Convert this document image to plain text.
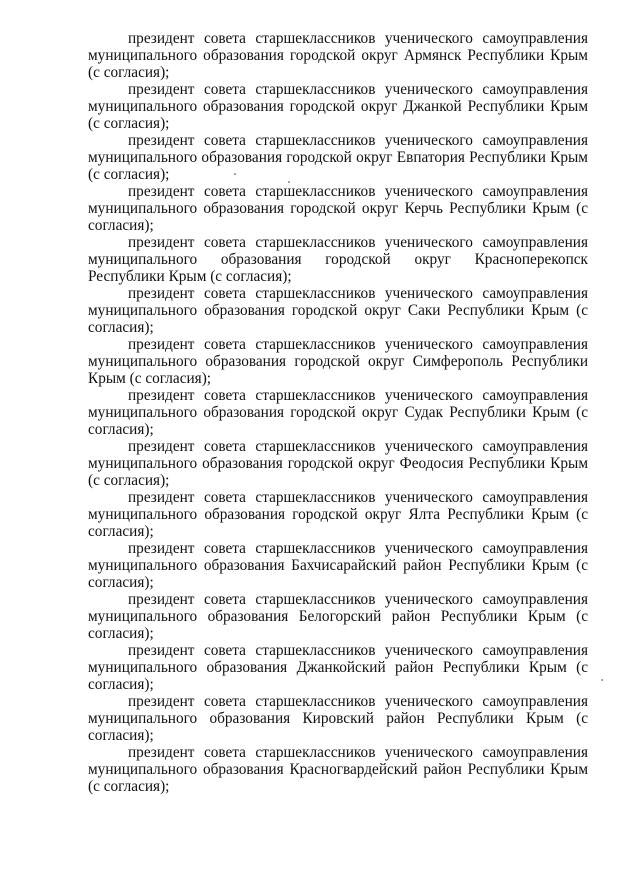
президент совета старшеклассников ученического самоуправления муниципального образования городской округ Армянск Республики Крым (с согласия);

президент совета старшеклассников ученического самоуправления муниципального образования городской округ Джанкой Республики Крым (с согласия);

президент совета старшеклассников ученического самоуправления муниципального образования городской округ Евпатория Республики Крым (с согласия);

президент совета старшеклассников ученического самоуправления муниципального образования городской округ Керчь Республики Крым (с согласия);

президент совета старшеклассников ученического самоуправления муниципального образования городской округ Красноперекопск Республики Крым (с согласия);

президент совета старшеклассников ученического самоуправления муниципального образования городской округ Саки Республики Крым (с согласия);

президент совета старшеклассников ученического самоуправления муниципального образования городской округ Симферополь Республики Крым (с согласия);

президент совета старшеклассников ученического самоуправления муниципального образования городской округ Судак Республики Крым (с согласия);

президент совета старшеклассников ученического самоуправления муниципального образования городской округ Феодосия Республики Крым (с согласия);

президент совета старшеклассников ученического самоуправления муниципального образования городской округ Ялта Республики Крым (с согласия);

президент совета старшеклассников ученического самоуправления муниципального образования Бахчисарайский район Республики Крым (с согласия);

президент совета старшеклассников ученического самоуправления муниципального образования Белогорский район Республики Крым (с согласия);

президент совета старшеклассников ученического самоуправления муниципального образования Джанкойский район Республики Крым (с согласия);

президент совета старшеклассников ученического самоуправления муниципального образования Кировский район Республики Крым (с согласия);

президент совета старшеклассников ученического самоуправления муниципального образования Красногвардейский район Республики Крым (с согласия);
